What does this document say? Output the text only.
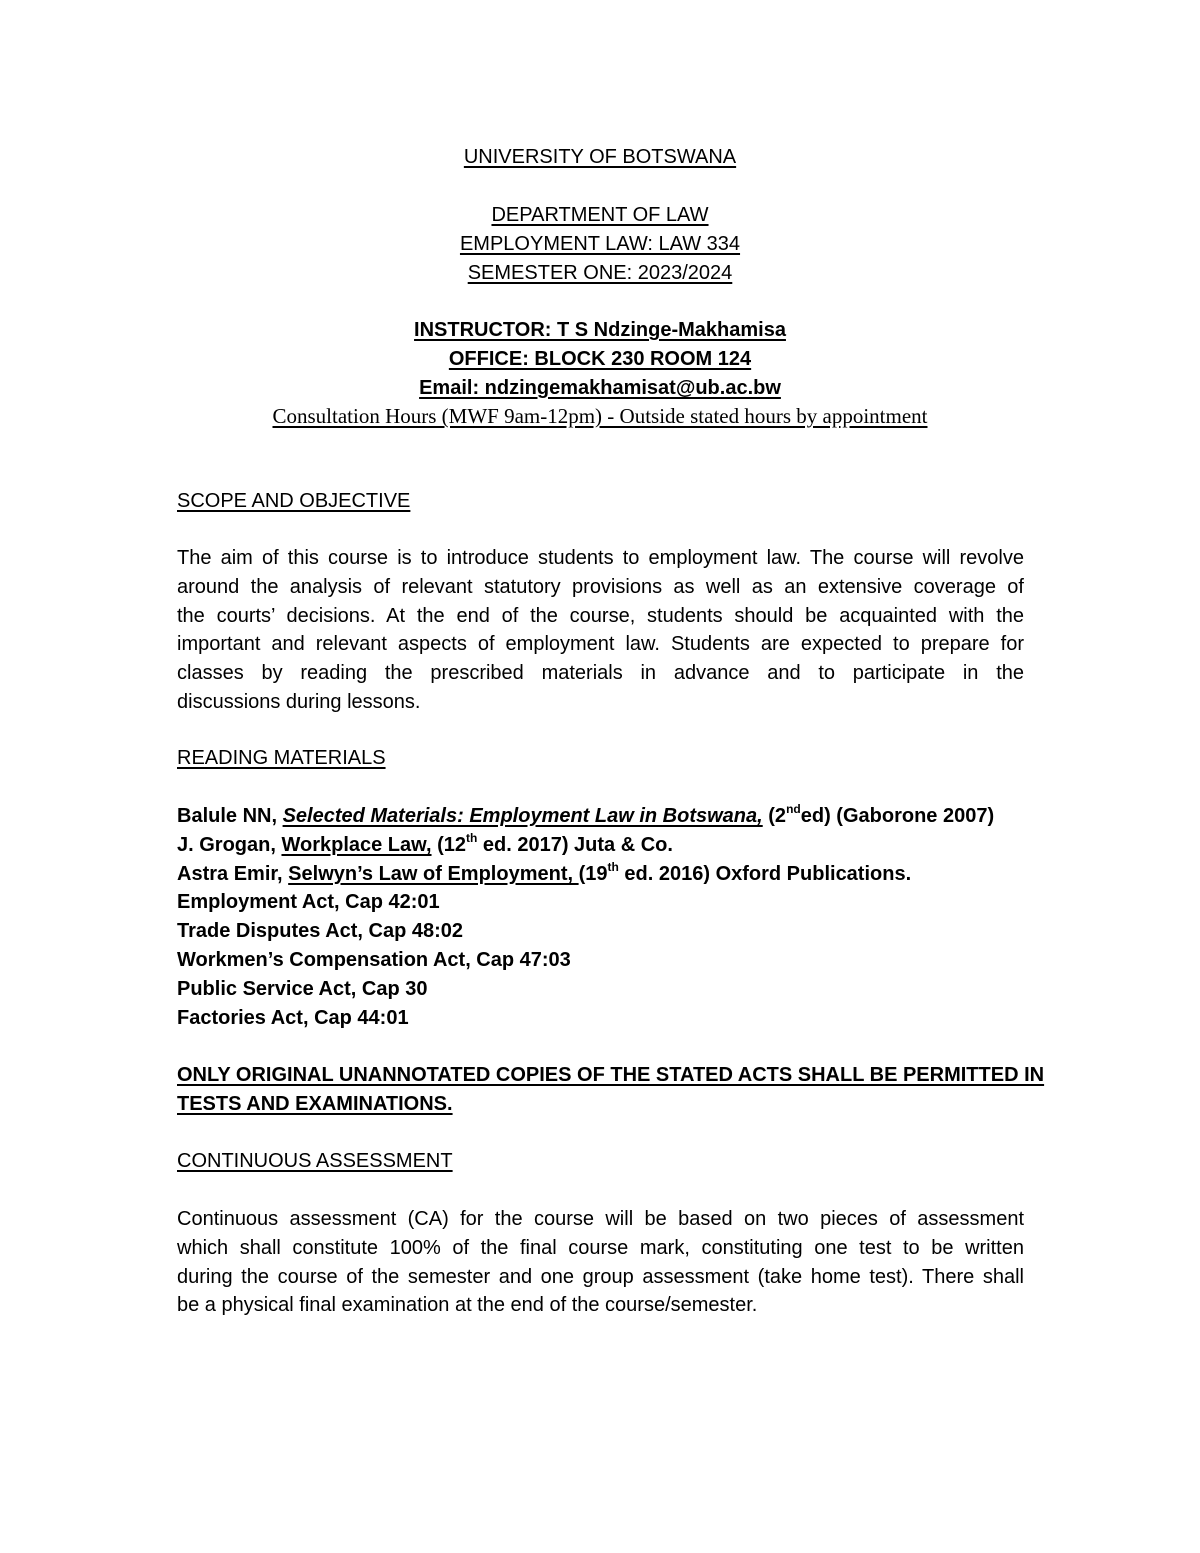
UNIVERSITY OF BOTSWANA
DEPARTMENT OF LAW
EMPLOYMENT LAW: LAW 334
SEMESTER ONE: 2023/2024
INSTRUCTOR: T S Ndzinge-Makhamisa
OFFICE: BLOCK 230 ROOM 124
Email: ndzingemakhamisat@ub.ac.bw
Consultation Hours (MWF 9am-12pm) - Outside stated hours by appointment
SCOPE AND OBJECTIVE
The aim of this course is to introduce students to employment law. The course will revolve
around the analysis of relevant statutory provisions as well as an extensive coverage of
the courts’ decisions. At the end of the course, students should be acquainted with the
important and relevant aspects of employment law. Students are expected to prepare for
classes by reading the prescribed materials in advance and to participate in the
discussions during lessons.
READING MATERIALS
Balule NN, Selected Materials: Employment Law in Botswana, (2nded) (Gaborone 2007)
J. Grogan, Workplace Law, (12th ed. 2017) Juta & Co.
Astra Emir, Selwyn’s Law of Employment, (19th ed. 2016) Oxford Publications.
Employment Act, Cap 42:01
Trade Disputes Act, Cap 48:02
Workmen’s Compensation Act, Cap 47:03
Public Service Act, Cap 30
Factories Act, Cap 44:01
ONLY ORIGINAL UNANNOTATED COPIES OF THE STATED ACTS SHALL BE PERMITTED IN
TESTS AND EXAMINATIONS.
CONTINUOUS ASSESSMENT
Continuous assessment (CA) for the course will be based on two pieces of assessment
which shall constitute 100% of the final course mark, constituting one test to be written
during the course of the semester and one group assessment (take home test). There shall
be a physical final examination at the end of the course/semester.
